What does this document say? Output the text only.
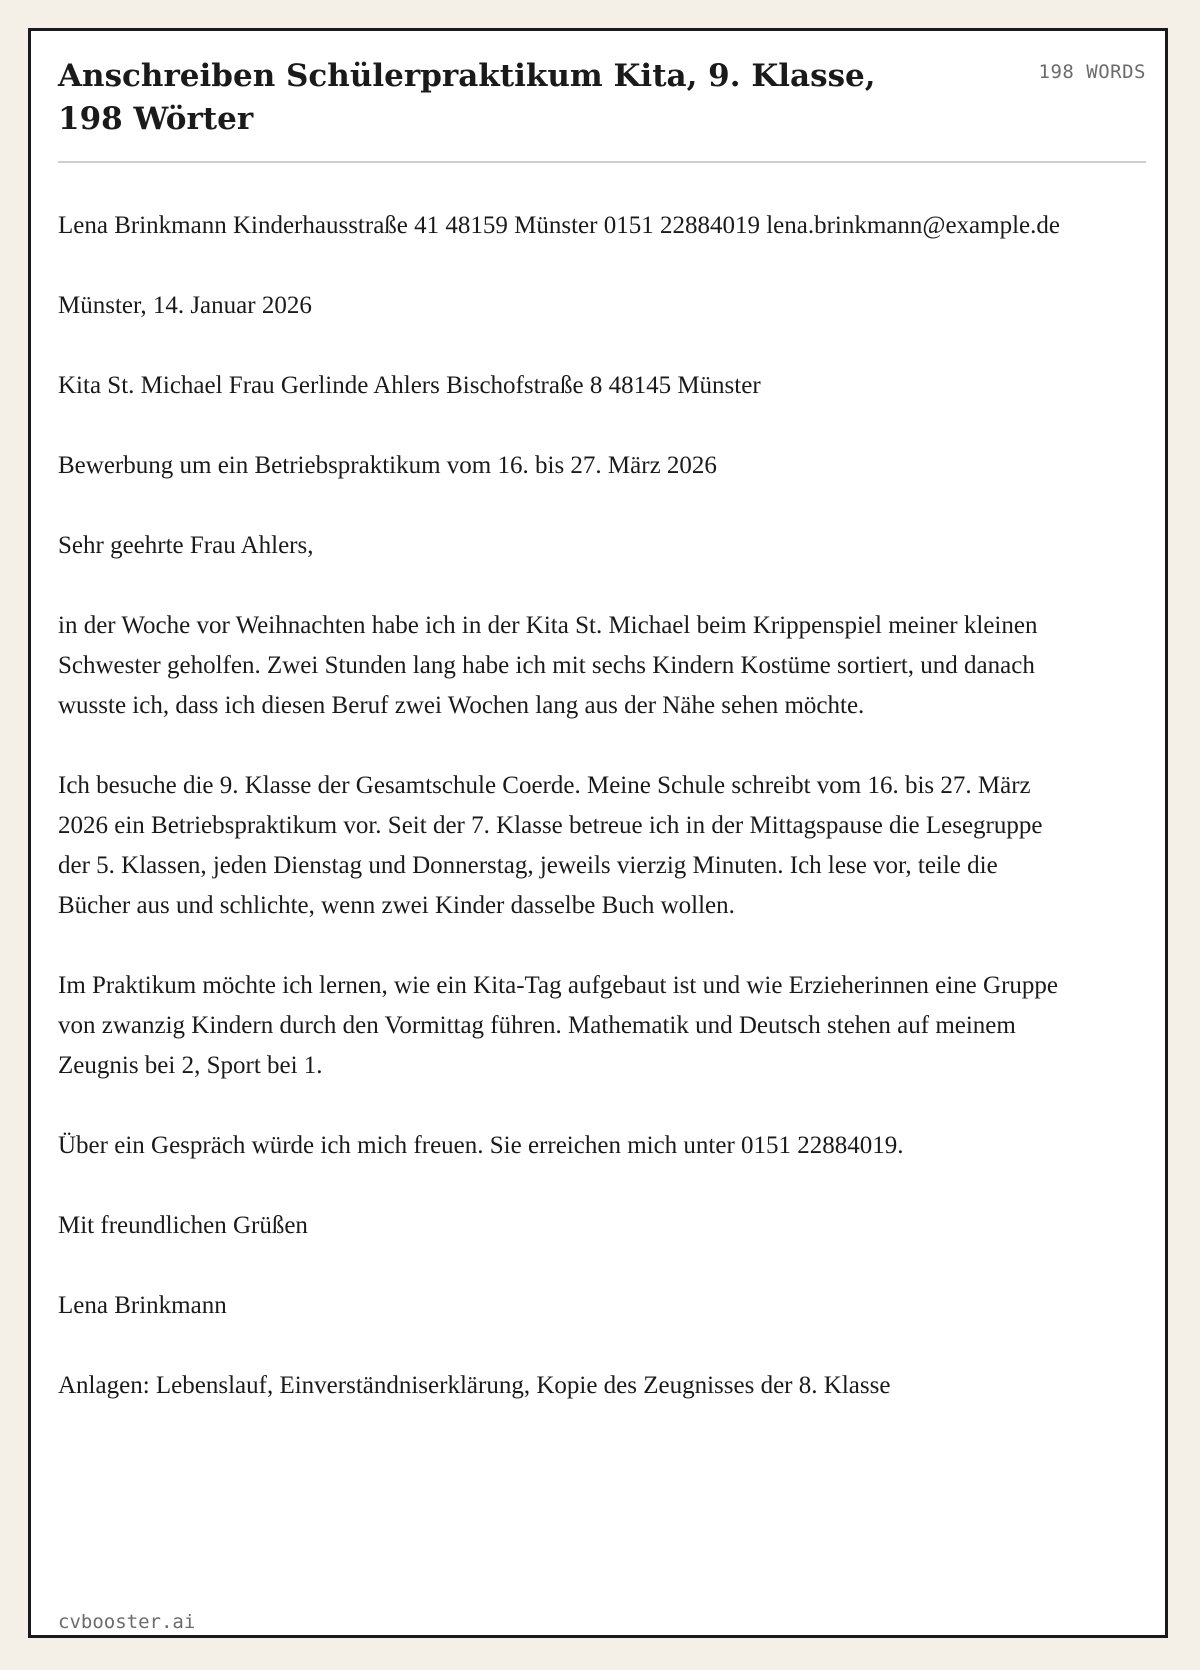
Anschreiben Schülerpraktikum Kita, 9. Klasse, 198 Wörter
198 WORDS

Lena Brinkmann Kinderhausstraße 41 48159 Münster 0151 22884019 lena.brinkmann@example.de

Münster, 14. Januar 2026

Kita St. Michael Frau Gerlinde Ahlers Bischofstraße 8 48145 Münster

Bewerbung um ein Betriebspraktikum vom 16. bis 27. März 2026

Sehr geehrte Frau Ahlers,

in der Woche vor Weihnachten habe ich in der Kita St. Michael beim Krippenspiel meiner kleinen Schwester geholfen. Zwei Stunden lang habe ich mit sechs Kindern Kostüme sortiert, und danach wusste ich, dass ich diesen Beruf zwei Wochen lang aus der Nähe sehen möchte.

Ich besuche die 9. Klasse der Gesamtschule Coerde. Meine Schule schreibt vom 16. bis 27. März 2026 ein Betriebspraktikum vor. Seit der 7. Klasse betreue ich in der Mittagspause die Lesegruppe der 5. Klassen, jeden Dienstag und Donnerstag, jeweils vierzig Minuten. Ich lese vor, teile die Bücher aus und schlichte, wenn zwei Kinder dasselbe Buch wollen.

Im Praktikum möchte ich lernen, wie ein Kita-Tag aufgebaut ist und wie Erzieherinnen eine Gruppe von zwanzig Kindern durch den Vormittag führen. Mathematik und Deutsch stehen auf meinem Zeugnis bei 2, Sport bei 1.

Über ein Gespräch würde ich mich freuen. Sie erreichen mich unter 0151 22884019.

Mit freundlichen Grüßen

Lena Brinkmann

Anlagen: Lebenslauf, Einverständniserklärung, Kopie des Zeugnisses der 8. Klasse

cvbooster.ai
